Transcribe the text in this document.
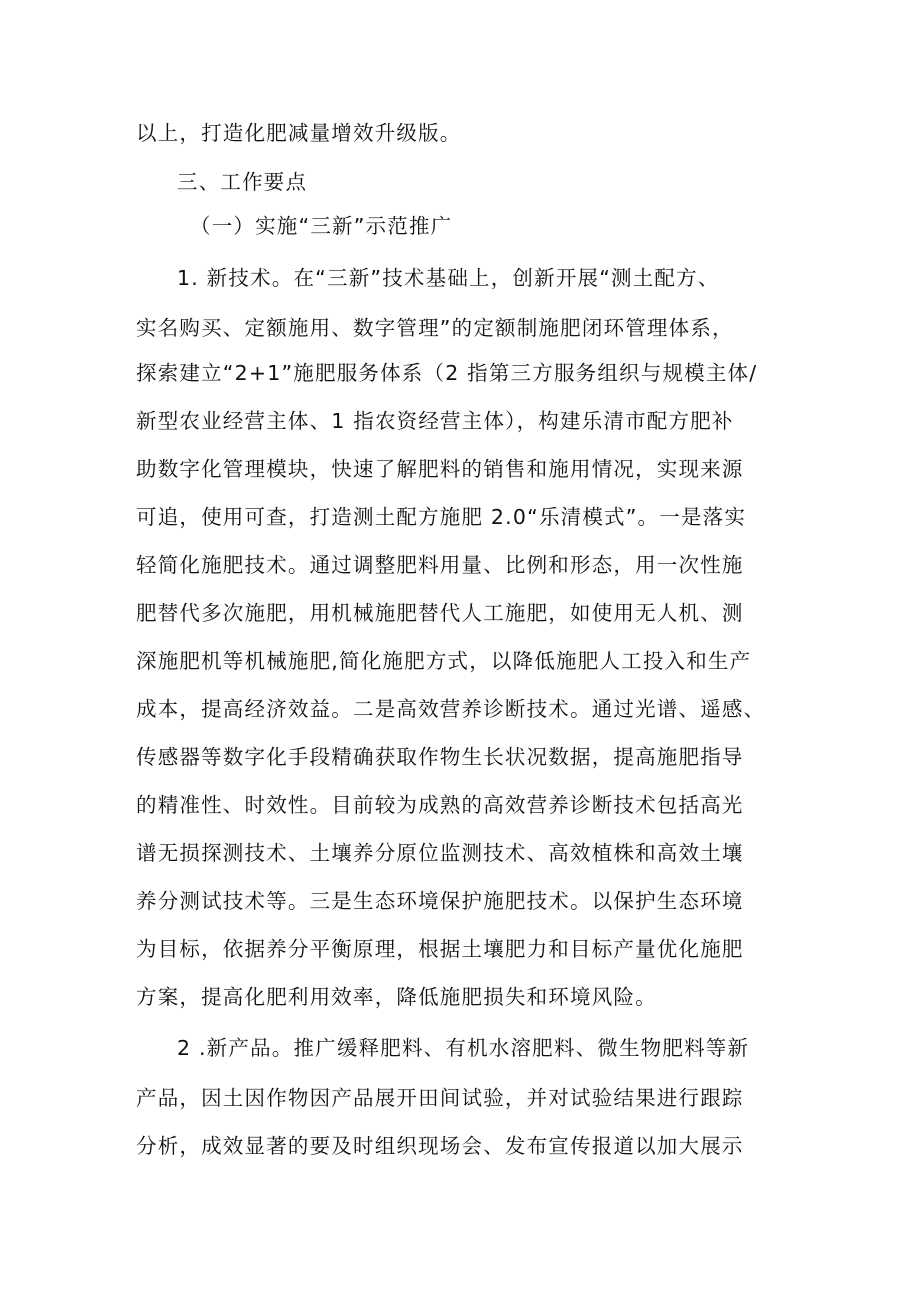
以上，打造化肥减量增效升级版。
三、工作要点
（一）实施“三新”示范推广
1. 新技术。在“三新”技术基础上，创新开展“测土配方、
实名购买、定额施用、数字管理”的定额制施肥闭环管理体系，
探索建立“2+1”施肥服务体系（2 指第三方服务组织与规模主体/
新型农业经营主体、1 指农资经营主体），构建乐清市配方肥补
助数字化管理模块，快速了解肥料的销售和施用情况，实现来源
可追，使用可查，打造测土配方施肥 2.0“乐清模式”。一是落实
轻简化施肥技术。通过调整肥料用量、比例和形态，用一次性施
肥替代多次施肥，用机械施肥替代人工施肥，如使用无人机、测
深施肥机等机械施肥,简化施肥方式，以降低施肥人工投入和生产
成本，提高经济效益。二是高效营养诊断技术。通过光谱、遥感、
传感器等数字化手段精确获取作物生长状况数据，提高施肥指导
的精准性、时效性。目前较为成熟的高效营养诊断技术包括高光
谱无损探测技术、土壤养分原位监测技术、高效植株和高效土壤
养分测试技术等。三是生态环境保护施肥技术。以保护生态环境
为目标，依据养分平衡原理，根据土壤肥力和目标产量优化施肥
方案，提高化肥利用效率，降低施肥损失和环境风险。
2 .新产品。推广缓释肥料、有机水溶肥料、微生物肥料等新
产品，因土因作物因产品展开田间试验，并对试验结果进行跟踪
分析，成效显著的要及时组织现场会、发布宣传报道以加大展示
